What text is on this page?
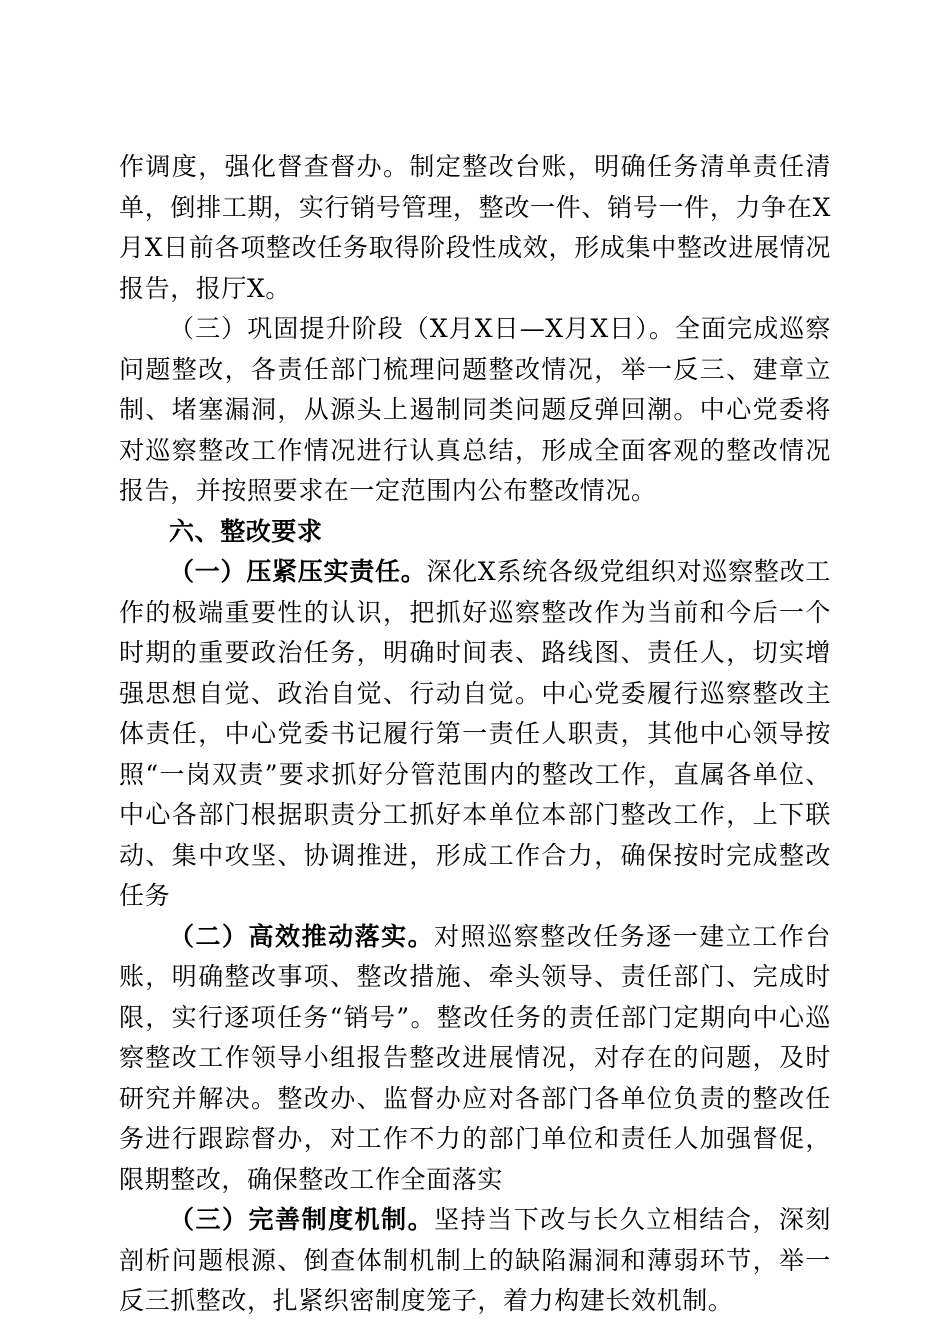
作调度，强化督查督办。制定整改台账，明确任务清单责任清单，倒排工期，实行销号管理，整改一件、销号一件，力争在X月X日前各项整改任务取得阶段性成效，形成集中整改进展情况报告，报厅X。

（三）巩固提升阶段（X月X日—X月X日）。全面完成巡察问题整改，各责任部门梳理问题整改情况，举一反三、建章立制、堵塞漏洞，从源头上遏制同类问题反弹回潮。中心党委将对巡察整改工作情况进行认真总结，形成全面客观的整改情况报告，并按照要求在一定范围内公布整改情况。

六、整改要求

（一）压紧压实责任。深化X系统各级党组织对巡察整改工作的极端重要性的认识，把抓好巡察整改作为当前和今后一个时期的重要政治任务，明确时间表、路线图、责任人，切实增强思想自觉、政治自觉、行动自觉。中心党委履行巡察整改主体责任，中心党委书记履行第一责任人职责，其他中心领导按照“一岗双责”要求抓好分管范围内的整改工作，直属各单位、中心各部门根据职责分工抓好本单位本部门整改工作，上下联动、集中攻坚、协调推进，形成工作合力，确保按时完成整改任务

（二）高效推动落实。对照巡察整改任务逐一建立工作台账，明确整改事项、整改措施、牵头领导、责任部门、完成时限，实行逐项任务“销号”。整改任务的责任部门定期向中心巡察整改工作领导小组报告整改进展情况，对存在的问题，及时研究并解决。整改办、监督办应对各部门各单位负责的整改任务进行跟踪督办，对工作不力的部门单位和责任人加强督促，限期整改，确保整改工作全面落实

（三）完善制度机制。坚持当下改与长久立相结合，深刻剖析问题根源、倒查体制机制上的缺陷漏洞和薄弱环节，举一反三抓整改，扎紧织密制度笼子，着力构建长效机制。
